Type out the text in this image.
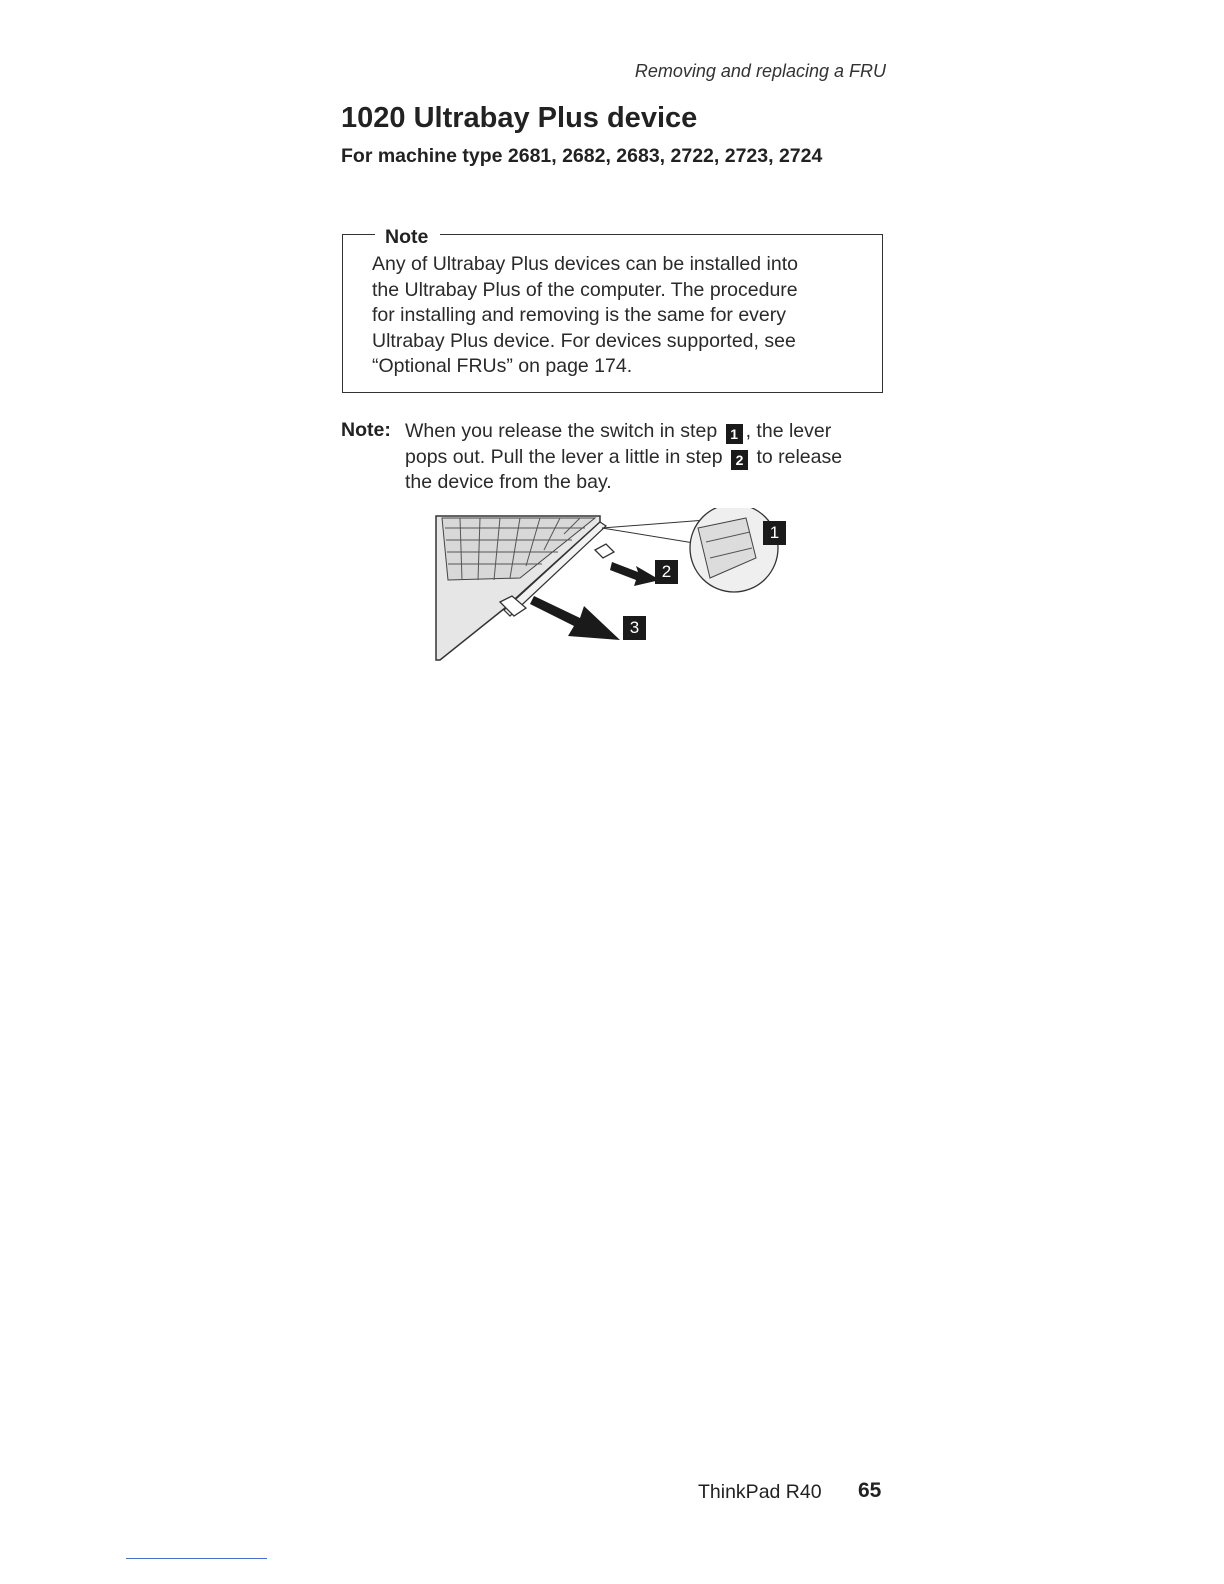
Removing and replacing a FRU
1020 Ultrabay Plus device
For machine type 2681, 2682, 2683, 2722, 2723, 2724
Note
Any of Ultrabay Plus devices can be installed into
the Ultrabay Plus of the computer. The procedure
for installing and removing is the same for every
Ultrabay Plus device. For devices supported, see
“Optional FRUs” on page 174.
Note: When you release the switch in step 1 , the lever
pops out. Pull the lever a little in step 2 to release
the device from the bay.
1
2
3
ThinkPad R40 65
